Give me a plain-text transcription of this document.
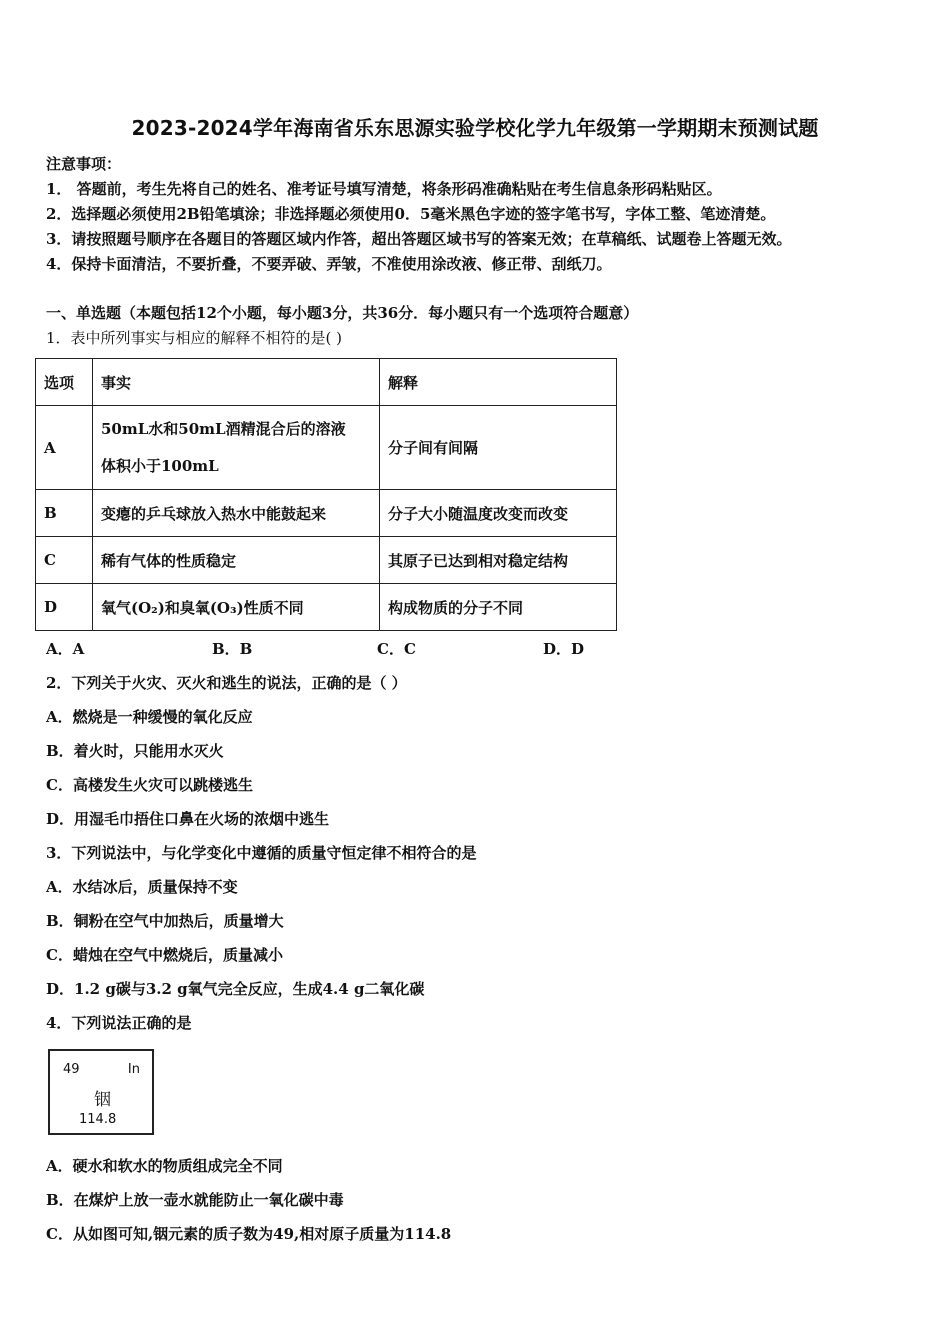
2023-2024学年海南省乐东思源实验学校化学九年级第一学期期末预测试题
注意事项：
1． 答题前，考生先将自己的姓名、准考证号填写清楚，将条形码准确粘贴在考生信息条形码粘贴区。
2．选择题必须使用2B铅笔填涂；非选择题必须使用0．5毫米黑色字迹的签字笔书写，字体工整、笔迹清楚。
3．请按照题号顺序在各题目的答题区域内作答，超出答题区域书写的答案无效；在草稿纸、试题卷上答题无效。
4．保持卡面清洁，不要折叠，不要弄破、弄皱，不准使用涂改液、修正带、刮纸刀。
一、单选题（本题包括12个小题，每小题3分，共36分．每小题只有一个选项符合题意）
1．表中所列事实与相应的解释不相符的是( )
选项	事实	解释
A	50mL水和50mL酒精混合后的溶液
体积小于100mL	分子间有间隔
B	变瘪的乒乓球放入热水中能鼓起来	分子大小随温度改变而改变
C	稀有气体的性质稳定	其原子已达到相对稳定结构
D	氧气(O₂)和臭氧(O₃)性质不同	构成物质的分子不同
A．A	B．B	C．C	D．D
2．下列关于火灾、灭火和逃生的说法，正确的是（ ）
A．燃烧是一种缓慢的氧化反应
B．着火时，只能用水灭火
C．高楼发生火灾可以跳楼逃生
D．用湿毛巾捂住口鼻在火场的浓烟中逃生
3．下列说法中，与化学变化中遵循的质量守恒定律不相符合的是
A．水结冰后，质量保持不变
B．铜粉在空气中加热后，质量增大
C．蜡烛在空气中燃烧后，质量减小
D．1.2 g碳与3.2 g氧气完全反应，生成4.4 g二氧化碳
4．下列说法正确的是
49	In
铟
114.8
A．硬水和软水的物质组成完全不同
B．在煤炉上放一壶水就能防止一氧化碳中毒
C．从如图可知,铟元素的质子数为49,相对原子质量为114.8
